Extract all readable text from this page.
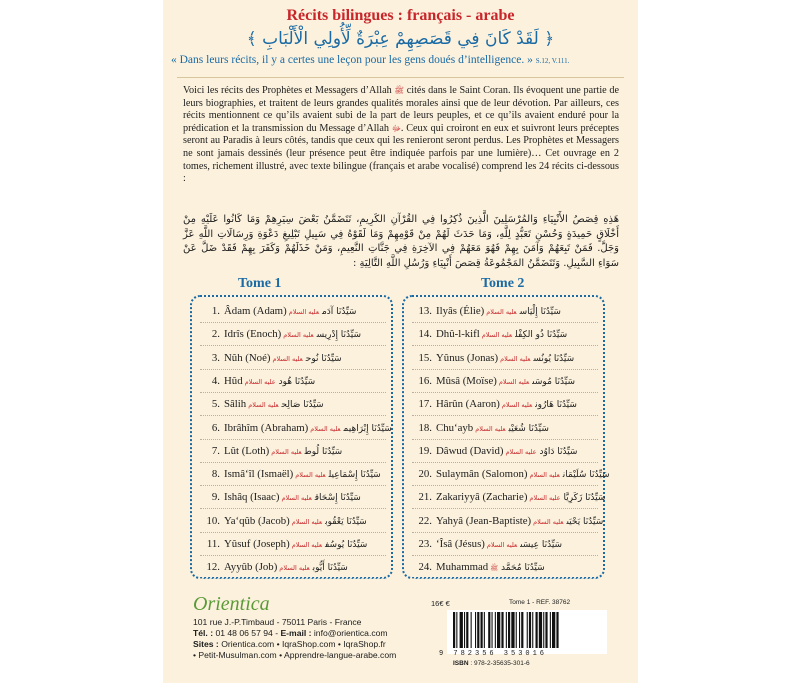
Récits bilingues : français - arabe
﴿ لَقَدْ كَانَ فِي قَصَصِهِمْ عِبْرَةٌ لِّأُولِي الْأَلْبَابِ ﴾
« Dans leurs récits, il y a certes une leçon pour les gens doués d’intelligence. » S.12, V.111.
Voici les récits des Prophètes et Messagers d’Allah ﷺ cités dans le Saint Coran. Ils évoquent une partie de leurs biographies, et traitent de leurs grandes qualités morales ainsi que de leur dévotion. Par ailleurs, ces récits mentionnent ce qu’ils avaient subi de la part de leurs peuples, et ce qu’ils avaient enduré pour la prédication et la transmission du Message d’Allah ﷻ. Ceux qui croiront en eux et suivront leurs préceptes seront au Paradis à leurs côtés, tandis que ceux qui les renieront seront perdus. Les Prophètes et Messagers ne sont jamais dessinés (leur présence peut être indiquée parfois par une lumière)… Cet ouvrage en 2 tomes, richement illustré, avec texte bilingue (français et arabe vocalisé) comprend les 24 récits ci-dessous :
هَذِهِ قِصَصُ الأَنْبِيَاءِ وَالمُرْسَلِينَ الَّذِينَ ذُكِرُوا فِي القُرْآنِ الكَرِيمِ، تَتَضَمَّنُ بَعْضَ سِيَرِهِمْ وَمَا كَانُوا عَلَيْهِ مِنْ أَخْلَاقٍ حَمِيدَةٍ وَحُسْنِ تَعَبُّدٍ لِلَّهِ، وَمَا حَدَثَ لَهُمْ مِنْ قَوْمِهِمْ وَمَا لَقَوْهُ فِي سَبِيلِ تَبْلِيغِ دَعْوَةِ وَرِسَالَاتِ اللَّهِ عَزَّ وَجَلَّ. فَمَنْ تَبِعَهُمْ وَآمَنَ بِهِمْ فَهُوَ مَعَهُمْ فِي الآخِرَةِ فِي جَنَّاتِ النَّعِيمِ، وَمَنْ خَذَلَهُمْ وَكَفَرَ بِهِمْ فَقَدْ ضَلَّ عَنْ سَوَاءِ السَّبِيلِ. وَتَتَضَمَّنُ المَجْمُوعَةُ قِصَصَ أَنْبِيَاءِ وَرُسُلِ اللَّهِ التَّالِيَةِ :
Tome 1	Tome 2
1. Âdam (Adam)	سَيِّدُنَا آدَمعليه السلام
2. Idrîs (Enoch)	سَيِّدُنَا إِدْرِيسعليه السلام
3. Nûh (Noé)	سَيِّدُنَا نُوحعليه السلام
4. Hûd	سَيِّدُنَا هُودعليه السلام
5. Sâlih	سَيِّدُنَا صَالِحعليه السلام
6. Ibrâhîm (Abraham)	سَيِّدُنَا إِبْرَاهِيمعليه السلام
7. Lût (Loth)	سَيِّدُنَا لُوطعليه السلام
8. Ismâ‘îl (Ismaël)	سَيِّدُنَا إِسْمَاعِيلعليه السلام
9. Ishâq (Isaac)	سَيِّدُنَا إِسْحَاقعليه السلام
10. Ya‘qûb (Jacob)	سَيِّدُنَا يَعْقُوبعليه السلام
11. Yûsuf (Joseph)	سَيِّدُنَا يُوسُفعليه السلام
12. Ayyûb (Job)	سَيِّدُنَا أَيُّوبعليه السلام
13. Ilyâs (Élie)	سَيِّدُنَا إِلْيَاسعليه السلام
14. Dhû-l-kifl	سَيِّدُنَا ذُو الكِفْلعليه السلام
15. Yûnus (Jonas)	سَيِّدُنَا يُونُسعليه السلام
16. Mûsâ (Moïse)	سَيِّدُنَا مُوسَىعليه السلام
17. Hârûn (Aaron)	سَيِّدُنَا هَارُونعليه السلام
18. Chu‘ayb	سَيِّدُنَا شُعَيْبعليه السلام
19. Dâwud (David)	سَيِّدُنَا دَاوُدعليه السلام
20. Sulaymân (Salomon)	سَيِّدُنَا سُلَيْمَانعليه السلام
21. Zakariyyâ (Zacharie)	سَيِّدُنَا زَكَرِيَّاعليه السلام
22. Yahyâ (Jean-Baptiste)	سَيِّدُنَا يَحْيَىعليه السلام
23. ‘Îsâ (Jésus)	سَيِّدُنَا عِيسَىعليه السلام
24. Muhammad سَيِّدُنَا مُحَمَّدﷺ
Orientica
101 rue J.-P.Timbaud - 75011 Paris - France
Tél. : 01 48 06 57 94 - E-mail : info@orientica.com
Sites : Orientica.com • IqraShop.com • IqraShop.fr
• Petit-Musulman.com • Apprendre-langue-arabe.com
16€ €	Tome 1 - REF. 38762
9 782356 353016
ISBN : 978-2-35635-301-6
